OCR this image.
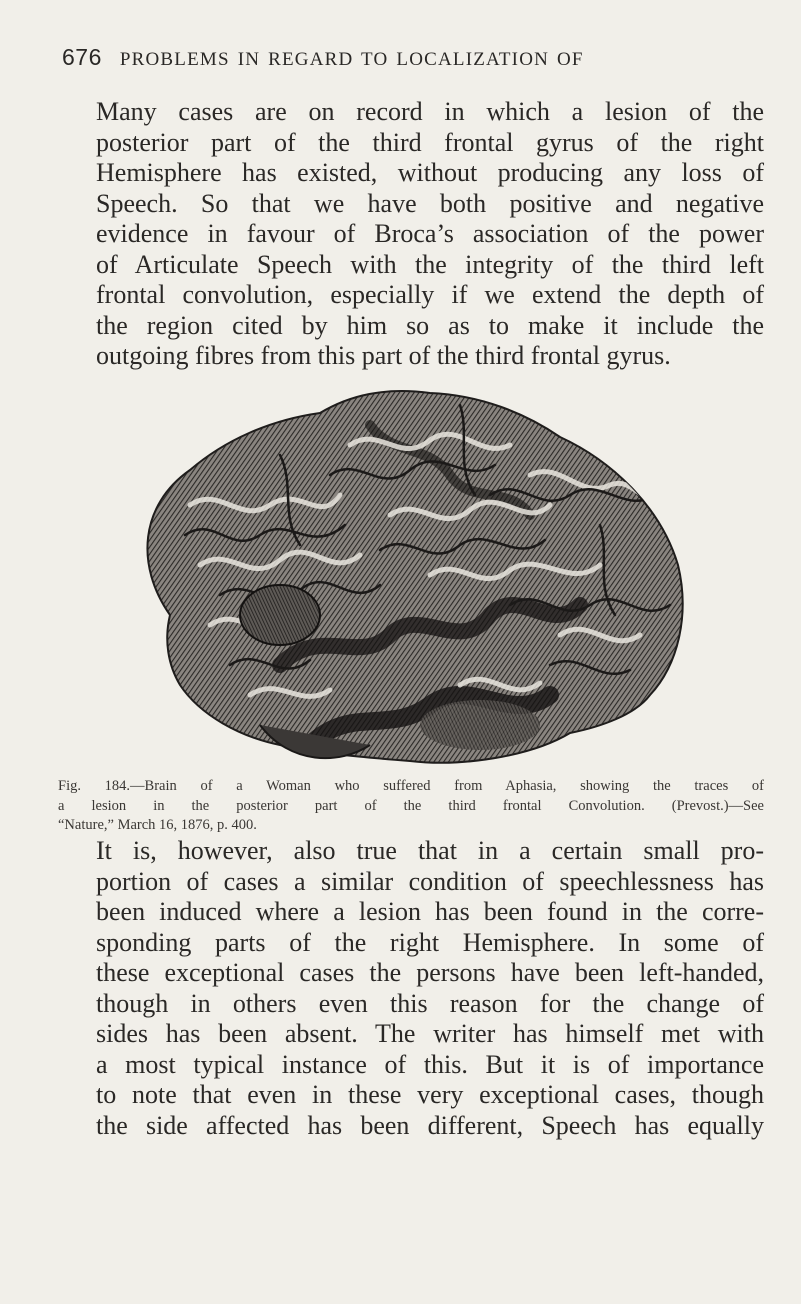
676 PROBLEMS IN REGARD TO LOCALIZATION OF
Many cases are on record in which a lesion of the
posterior part of the third frontal gyrus of the right
Hemisphere has existed, without producing any loss of
Speech. So that we have both positive and negative
evidence in favour of Broca’s association of the power
of Articulate Speech with the integrity of the third left
frontal convolution, especially if we extend the depth of
the region cited by him so as to make it include the
outgoing fibres from this part of the third frontal gyrus.
Fig. 184.—Brain of a Woman who suffered from Aphasia, showing the traces of
a lesion in the posterior part of the third frontal Convolution. (Prevost.)—See
“Nature,” March 16, 1876, p. 400.
It is, however, also true that in a certain small pro-
portion of cases a similar condition of speechlessness has
been induced where a lesion has been found in the corre-
sponding parts of the right Hemisphere. In some of
these exceptional cases the persons have been left-handed,
though in others even this reason for the change of
sides has been absent. The writer has himself met with
a most typical instance of this. But it is of importance
to note that even in these very exceptional cases, though
the side affected has been different, Speech has equally
